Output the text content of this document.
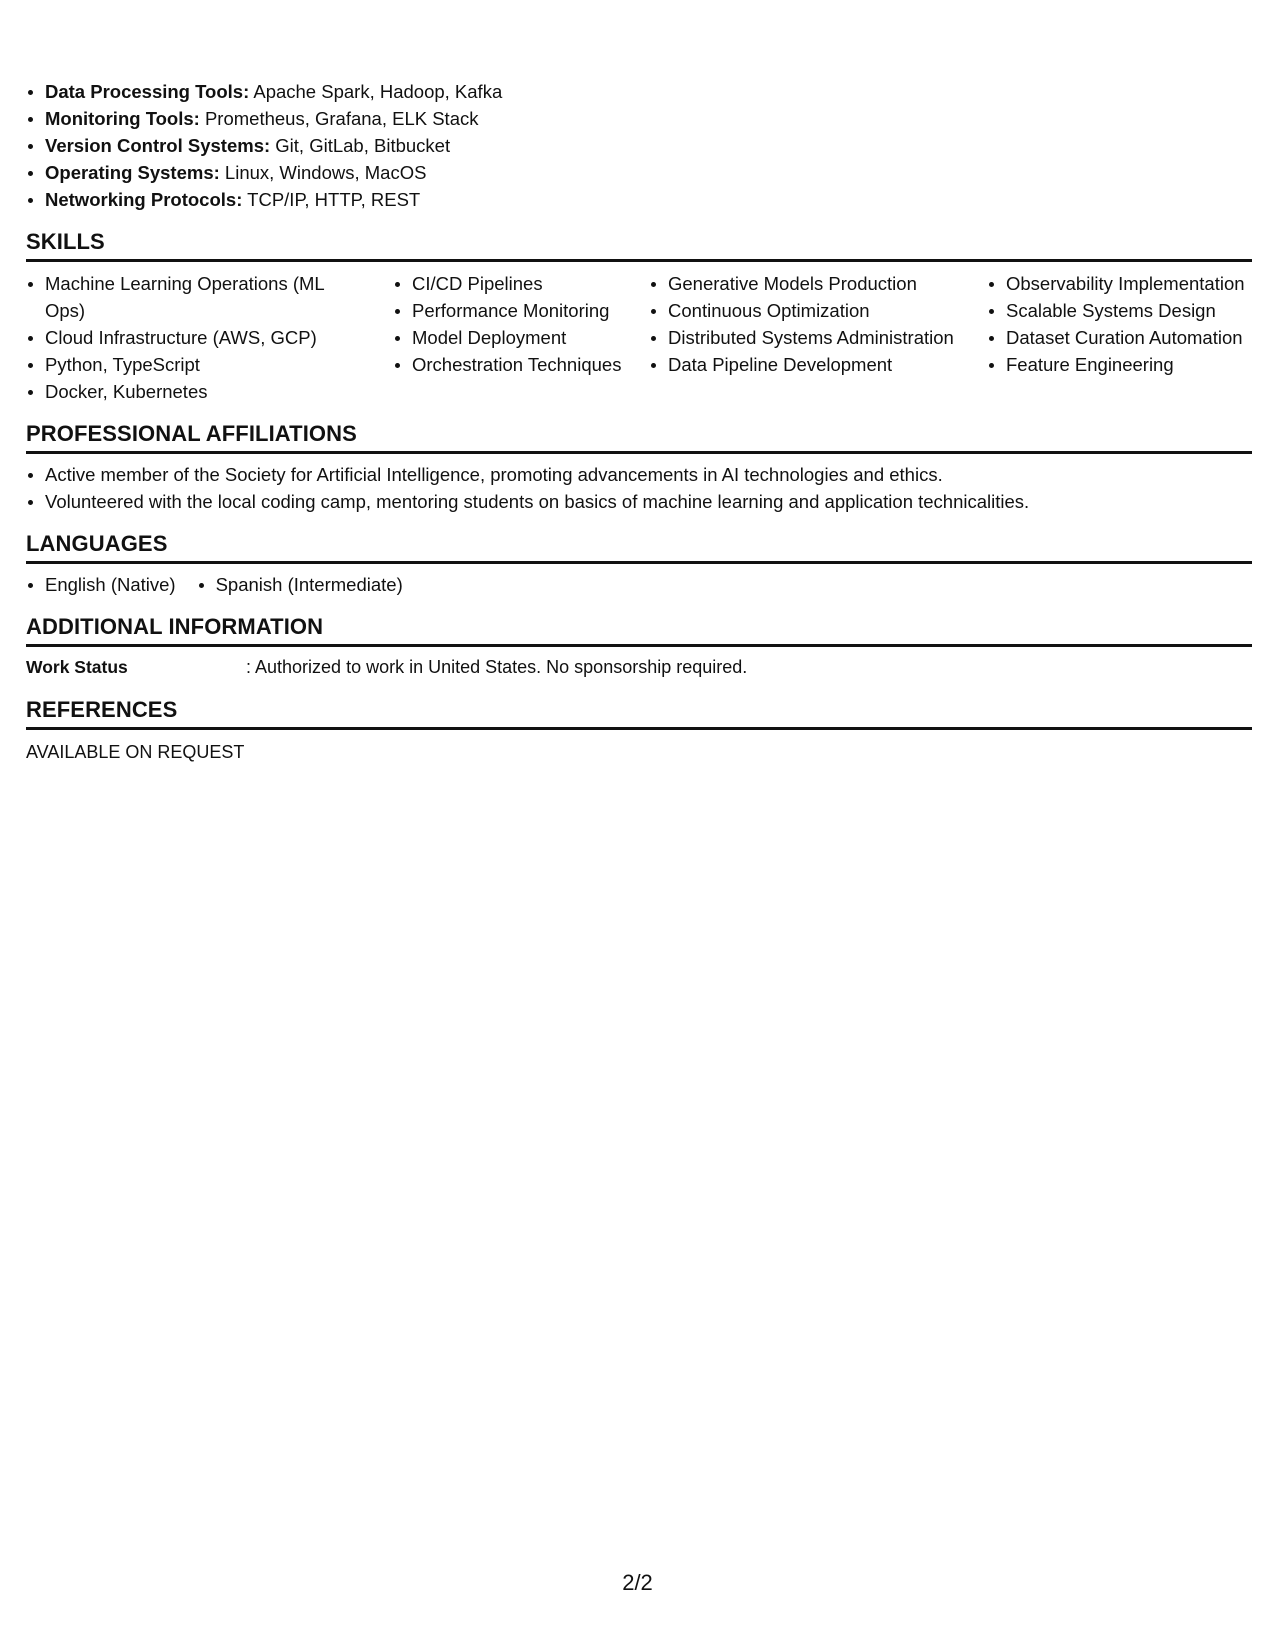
Data Processing Tools: Apache Spark, Hadoop, Kafka
Monitoring Tools: Prometheus, Grafana, ELK Stack
Version Control Systems: Git, GitLab, Bitbucket
Operating Systems: Linux, Windows, MacOS
Networking Protocols: TCP/IP, HTTP, REST
SKILLS
Machine Learning Operations (ML Ops)
Cloud Infrastructure (AWS, GCP)
Python, TypeScript
Docker, Kubernetes
CI/CD Pipelines
Performance Monitoring
Model Deployment
Orchestration Techniques
Generative Models Production
Continuous Optimization
Distributed Systems Administration
Data Pipeline Development
Observability Implementation
Scalable Systems Design
Dataset Curation Automation
Feature Engineering
PROFESSIONAL AFFILIATIONS
Active member of the Society for Artificial Intelligence, promoting advancements in AI technologies and ethics.
Volunteered with the local coding camp, mentoring students on basics of machine learning and application technicalities.
LANGUAGES
English (Native) Spanish (Intermediate)
ADDITIONAL INFORMATION
Work Status	: Authorized to work in United States. No sponsorship required.
REFERENCES
AVAILABLE ON REQUEST
2/2
